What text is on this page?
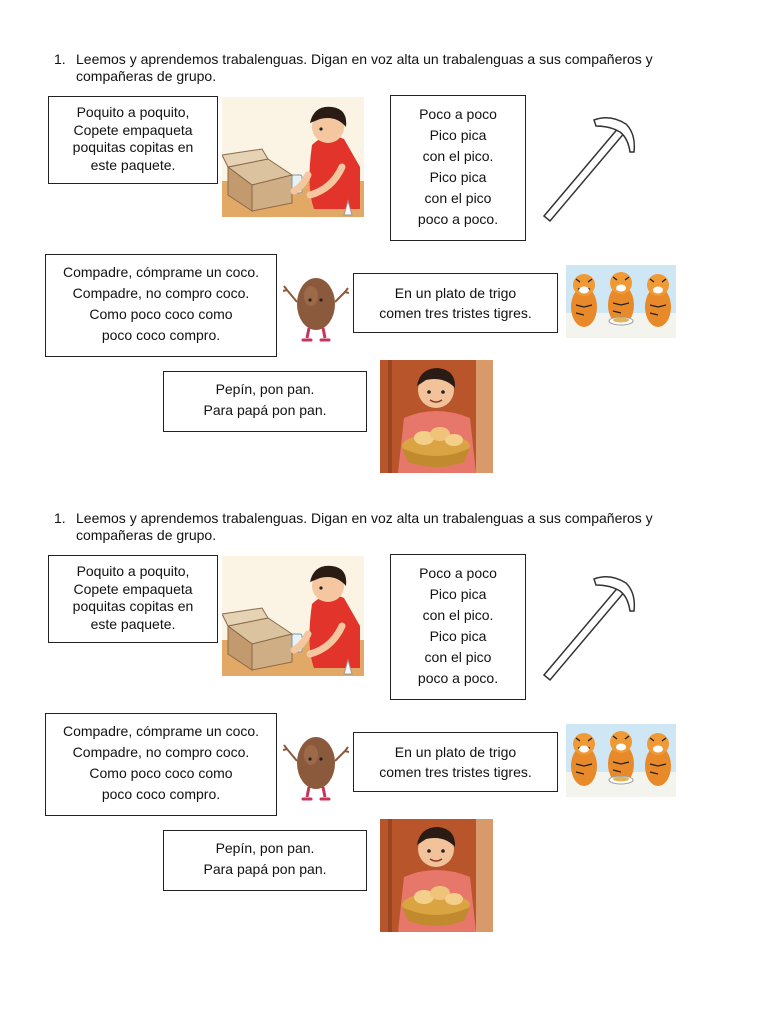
1. Leemos y aprendemos trabalenguas. Digan en voz alta un trabalenguas a sus compañeros y compañeras de grupo.
Poquito a poquito,
Copete empaqueta
poquitas copitas en
este paquete.
Poco a poco
Pico pica
con el pico.
Pico pica
con el pico
poco a poco.
Compadre, cómprame un coco.
Compadre, no compro coco.
Como poco coco como
poco coco compro.
En un plato de trigo
comen tres tristes tigres.
Pepín, pon pan.
Para papá pon pan.
1. Leemos y aprendemos trabalenguas. Digan en voz alta un trabalenguas a sus compañeros y compañeras de grupo.
Poquito a poquito,
Copete empaqueta
poquitas copitas en
este paquete.
Poco a poco
Pico pica
con el pico.
Pico pica
con el pico
poco a poco.
Compadre, cómprame un coco.
Compadre, no compro coco.
Como poco coco como
poco coco compro.
En un plato de trigo
comen tres tristes tigres.
Pepín, pon pan.
Para papá pon pan.
